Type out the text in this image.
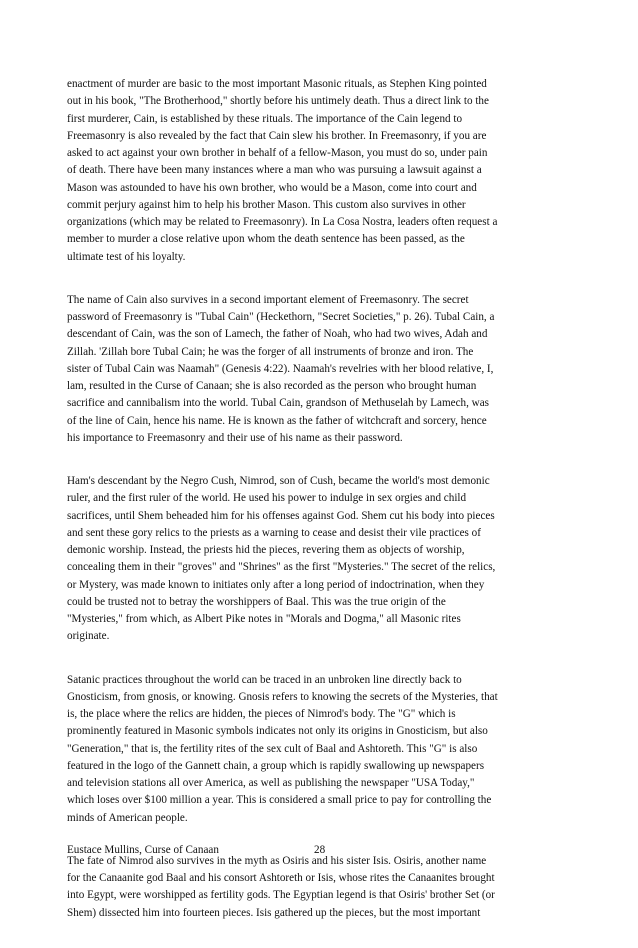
enactment of murder are basic to the most important Masonic rituals, as Stephen King pointed
out in his book, "The Brotherhood," shortly before his untimely death. Thus a direct link to the
first murderer, Cain, is established by these rituals. The importance of the Cain legend to
Freemasonry is also revealed by the fact that Cain slew his brother. In Freemasonry, if you are
asked to act against your own brother in behalf of a fellow-Mason, you must do so, under pain
of death. There have been many instances where a man who was pursuing a lawsuit against a
Mason was astounded to have his own brother, who would be a Mason, come into court and
commit perjury against him to help his brother Mason. This custom also survives in other
organizations (which may be related to Freemasonry). In La Cosa Nostra, leaders often request a
member to murder a close relative upon whom the death sentence has been passed, as the
ultimate test of his loyalty.
The name of Cain also survives in a second important element of Freemasonry. The secret
password of Freemasonry is "Tubal Cain" (Heckethorn, "Secret Societies," p. 26). Tubal Cain, a
descendant of Cain, was the son of Lamech, the father of Noah, who had two wives, Adah and
Zillah. 'Zillah bore Tubal Cain; he was the forger of all instruments of bronze and iron. The
sister of Tubal Cain was Naamah" (Genesis 4:22). Naamah's revelries with her blood relative, I,
lam, resulted in the Curse of Canaan; she is also recorded as the person who brought human
sacrifice and cannibalism into the world. Tubal Cain, grandson of Methuselah by Lamech, was
of the line of Cain, hence his name. He is known as the father of witchcraft and sorcery, hence
his importance to Freemasonry and their use of his name as their password.
Ham's descendant by the Negro Cush, Nimrod, son of Cush, became the world's most demonic
ruler, and the first ruler of the world. He used his power to indulge in sex orgies and child
sacrifices, until Shem beheaded him for his offenses against God. Shem cut his body into pieces
and sent these gory relics to the priests as a warning to cease and desist their vile practices of
demonic worship. Instead, the priests hid the pieces, revering them as objects of worship,
concealing them in their "groves" and "Shrines" as the first "Mysteries." The secret of the relics,
or Mystery, was made known to initiates only after a long period of indoctrination, when they
could be trusted not to betray the worshippers of Baal. This was the true origin of the
"Mysteries," from which, as Albert Pike notes in "Morals and Dogma," all Masonic rites
originate.
Satanic practices throughout the world can be traced in an unbroken line directly back to
Gnosticism, from gnosis, or knowing. Gnosis refers to knowing the secrets of the Mysteries, that
is, the place where the relics are hidden, the pieces of Nimrod's body. The "G" which is
prominently featured in Masonic symbols indicates not only its origins in Gnosticism, but also
"Generation," that is, the fertility rites of the sex cult of Baal and Ashtoreth. This "G" is also
featured in the logo of the Gannett chain, a group which is rapidly swallowing up newspapers
and television stations all over America, as well as publishing the newspaper "USA Today,"
which loses over $100 million a year. This is considered a small price to pay for controlling the
minds of American people.
The fate of Nimrod also survives in the myth as Osiris and his sister Isis. Osiris, another name
for the Canaanite god Baal and his consort Ashtoreth or Isis, whose rites the Canaanites brought
into Egypt, were worshipped as fertility gods. The Egyptian legend is that Osiris' brother Set (or
Shem) dissected him into fourteen pieces. Isis gathered up the pieces, but the most important
Eustace Mullins, Curse of Canaan	28
